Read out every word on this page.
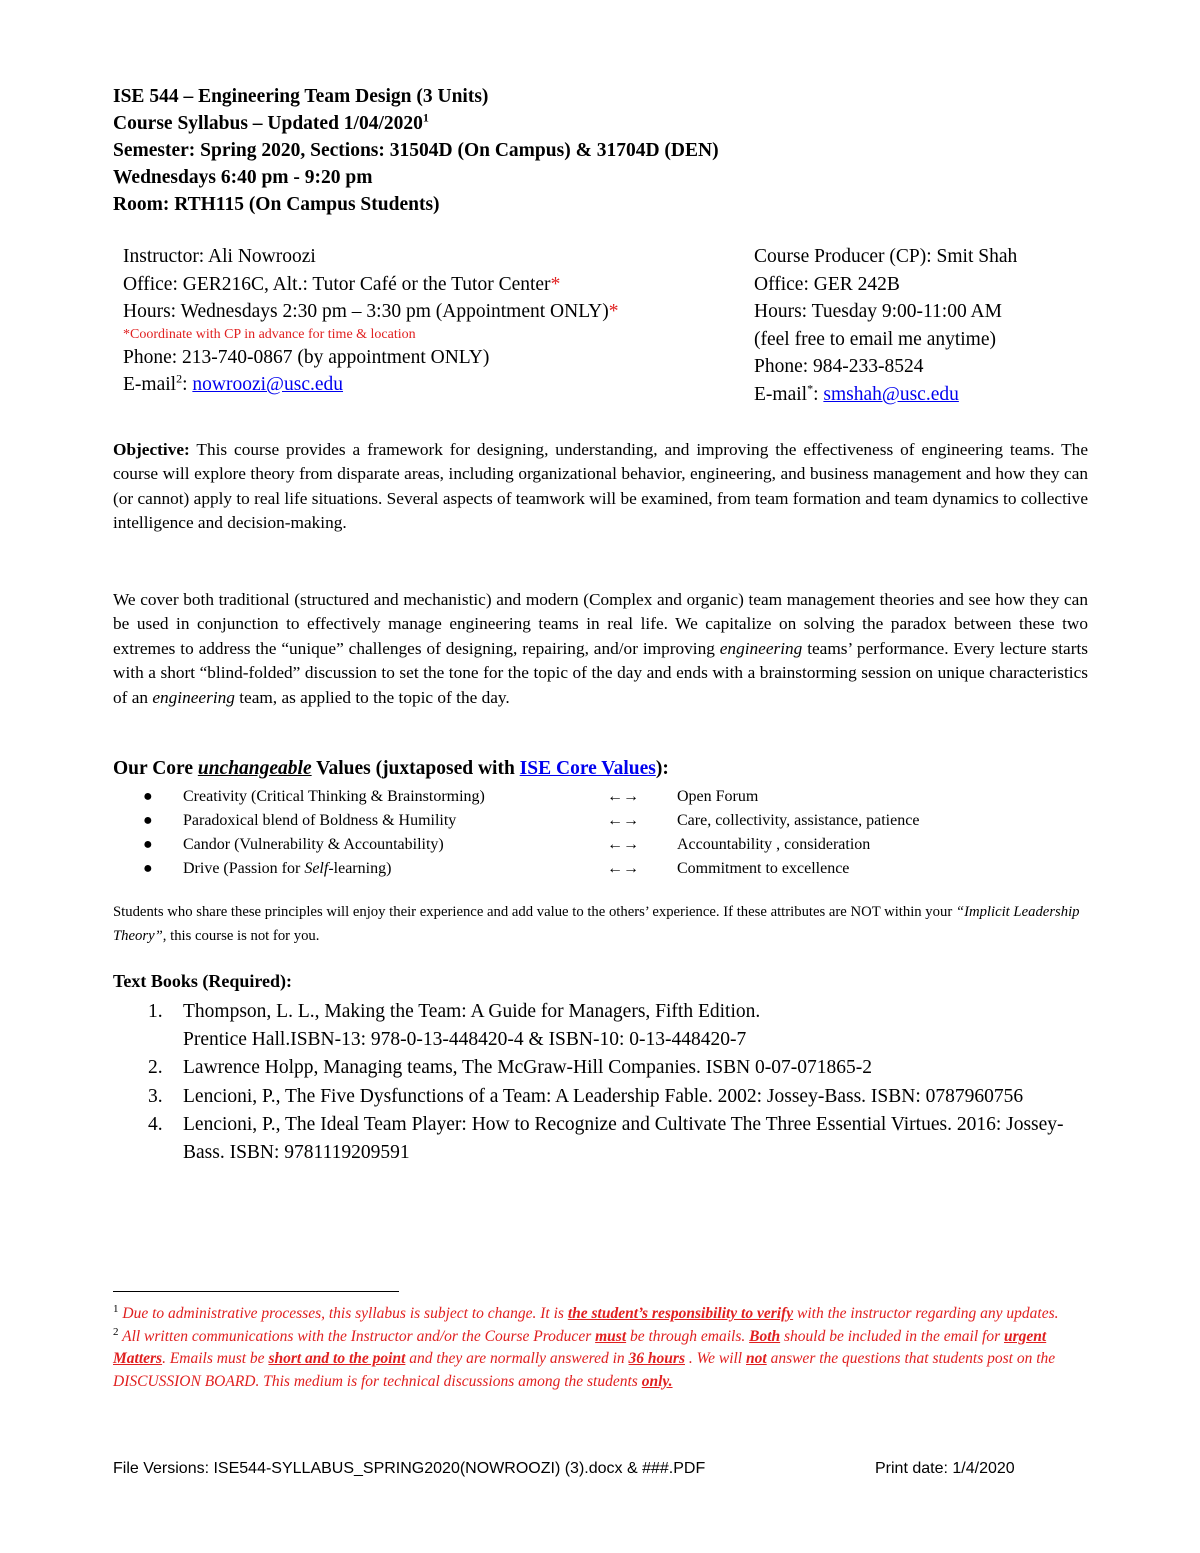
ISE 544 – Engineering Team Design (3 Units)
Course Syllabus – Updated 1/04/2020$^1$
Semester: Spring 2020, Sections: 31504D (On Campus) & 31704D (DEN)
Wednesdays 6:40 pm - 9:20 pm
Room: RTH115 (On Campus Students)
Instructor: Ali Nowroozi
Office: GER216C, Alt.: Tutor Café or the Tutor Center*
Hours: Wednesdays 2:30 pm – 3:30 pm (Appointment ONLY)*
*Coordinate with CP in advance for time & location
Phone: 213-740-0867 (by appointment ONLY)
E-mail$^2$: nowroozi@usc.edu
Course Producer (CP): Smit Shah
Office: GER 242B
Hours: Tuesday 9:00-11:00 AM
(feel free to email me anytime)
Phone: 984-233-8524
E-mail*: smshah@usc.edu
Objective: This course provides a framework for designing, understanding, and improving the effectiveness of engineering teams. The course will explore theory from disparate areas, including organizational behavior, engineering, and business management and how they can (or cannot) apply to real life situations. Several aspects of teamwork will be examined, from team formation and team dynamics to collective intelligence and decision-making.
We cover both traditional (structured and mechanistic) and modern (Complex and organic) team management theories and see how they can be used in conjunction to effectively manage engineering teams in real life. We capitalize on solving the paradox between these two extremes to address the “unique” challenges of designing, repairing, and/or improving engineering teams’ performance. Every lecture starts with a short “blind-folded” discussion to set the tone for the topic of the day and ends with a brainstorming session on unique characteristics of an engineering team, as applied to the topic of the day.
Our Core unchangeable Values (juxtaposed with ISE Core Values):
● Creativity (Critical Thinking & Brainstorming)	←→ Open Forum
● Paradoxical blend of Boldness & Humility	←→ Care, collectivity, assistance, patience
● Candor (Vulnerability & Accountability)	←→ Accountability , consideration
● Drive (Passion for Self-learning)	←→ Commitment to excellence
Students who share these principles will enjoy their experience and add value to the others’ experience. If these attributes are NOT within your “Implicit Leadership Theory”, this course is not for you.
Text Books (Required):
1. Thompson, L. L., Making the Team: A Guide for Managers, Fifth Edition.
Prentice Hall.ISBN-13: 978-0-13-448420-4 & ISBN-10: 0-13-448420-7
2. Lawrence Holpp, Managing teams, The McGraw-Hill Companies. ISBN 0-07-071865-2
3. Lencioni, P., The Five Dysfunctions of a Team: A Leadership Fable. 2002: Jossey-Bass. ISBN: 0787960756
4. Lencioni, P., The Ideal Team Player: How to Recognize and Cultivate The Three Essential Virtues. 2016: Jossey-Bass. ISBN: 9781119209591
$^1$ Due to administrative processes, this syllabus is subject to change. It is the student’s responsibility to verify with the instructor regarding any updates.
$^2$ All written communications with the Instructor and/or the Course Producer must be through emails. Both should be included in the email for urgent Matters. Emails must be short and to the point and they are normally answered in 36 hours . We will not answer the questions that students post on the DISCUSSION BOARD. This medium is for technical discussions among the students only.
File Versions: ISE544-SYLLABUS_SPRING2020(NOWROOZI) (3).docx & ###.PDF	Print date: 1/4/2020
